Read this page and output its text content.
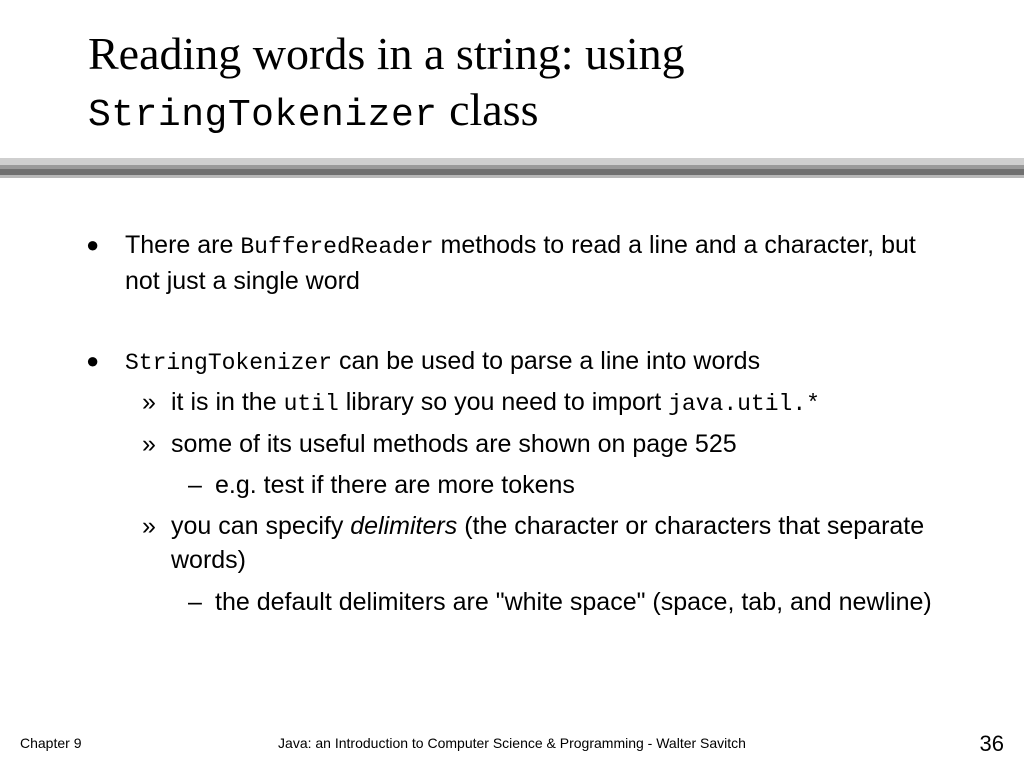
Reading words in a string: using
StringTokenizer class
● There are BufferedReader methods to read a line and a character, but not just a single word
● StringTokenizer can be used to parse a line into words
» it is in the util library so you need to import java.util.*
» some of its useful methods are shown on page 525
– e.g. test if there are more tokens
» you can specify delimiters (the character or characters that separate words)
– the default delimiters are "white space" (space, tab, and newline)
Chapter 9	Java: an Introduction to Computer Science & Programming - Walter Savitch	36
